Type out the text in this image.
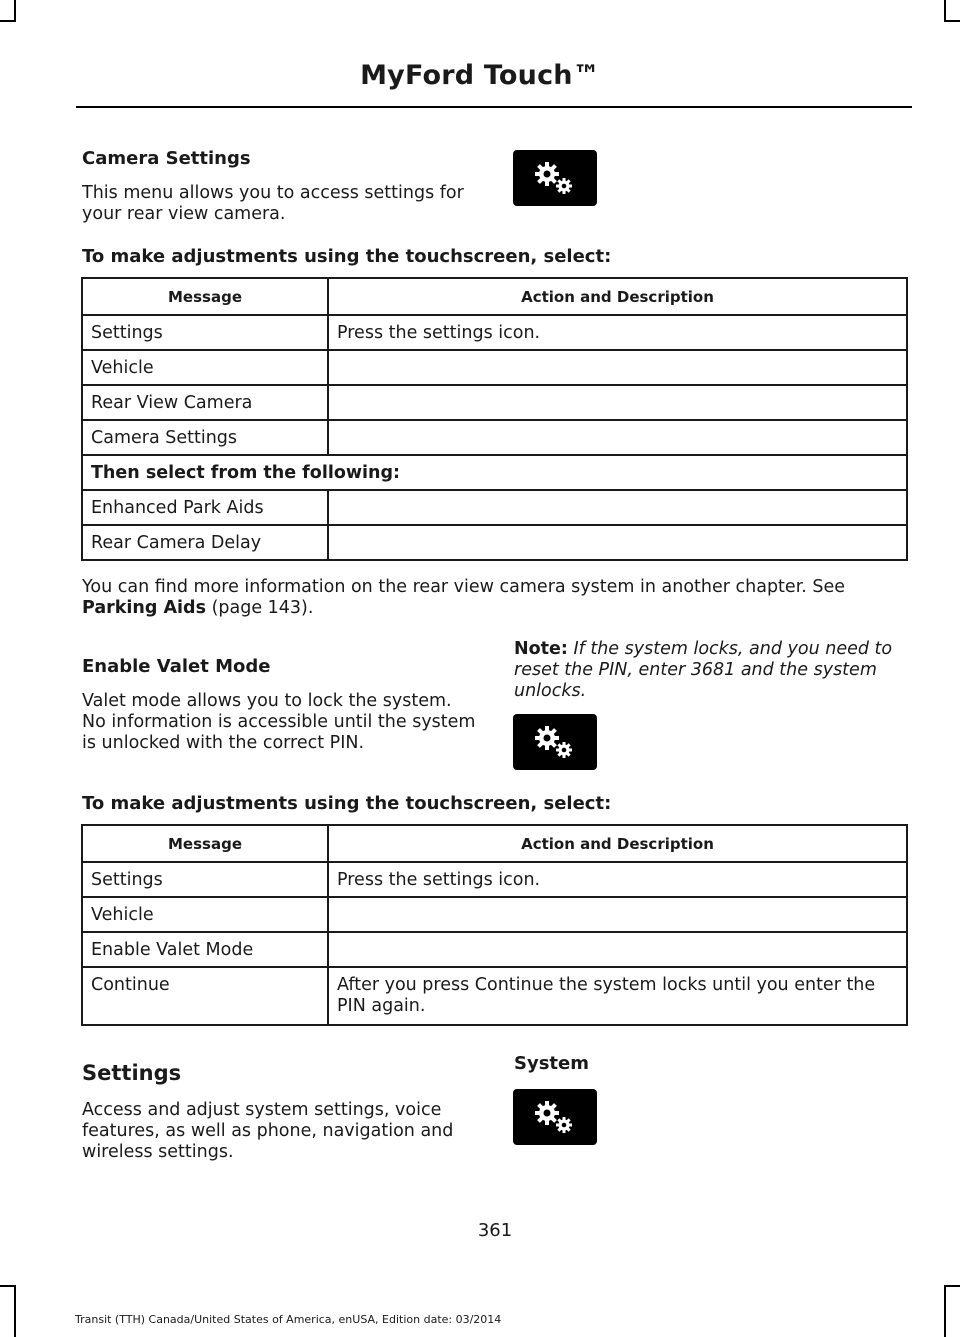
MyFord Touch™
Camera Settings
This menu allows you to access settings for your rear view camera.
To make adjustments using the touchscreen, select:
Message	Action and Description
Settings	Press the settings icon.
Vehicle	
Rear View Camera	
Camera Settings	
Then select from the following:	
Enhanced Park Aids	
Rear Camera Delay	
You can find more information on the rear view camera system in another chapter. See Parking Aids (page 143).
Enable Valet Mode
Valet mode allows you to lock the system. No information is accessible until the system is unlocked with the correct PIN.
Note: If the system locks, and you need to reset the PIN, enter 3681 and the system unlocks.
To make adjustments using the touchscreen, select:
Message	Action and Description
Settings	Press the settings icon.
Vehicle	
Enable Valet Mode	
Continue	After you press Continue the system locks until you enter the PIN again.
Settings
Access and adjust system settings, voice features, as well as phone, navigation and wireless settings.
System
361
Transit (TTH) Canada/United States of America, enUSA, Edition date: 03/2014
